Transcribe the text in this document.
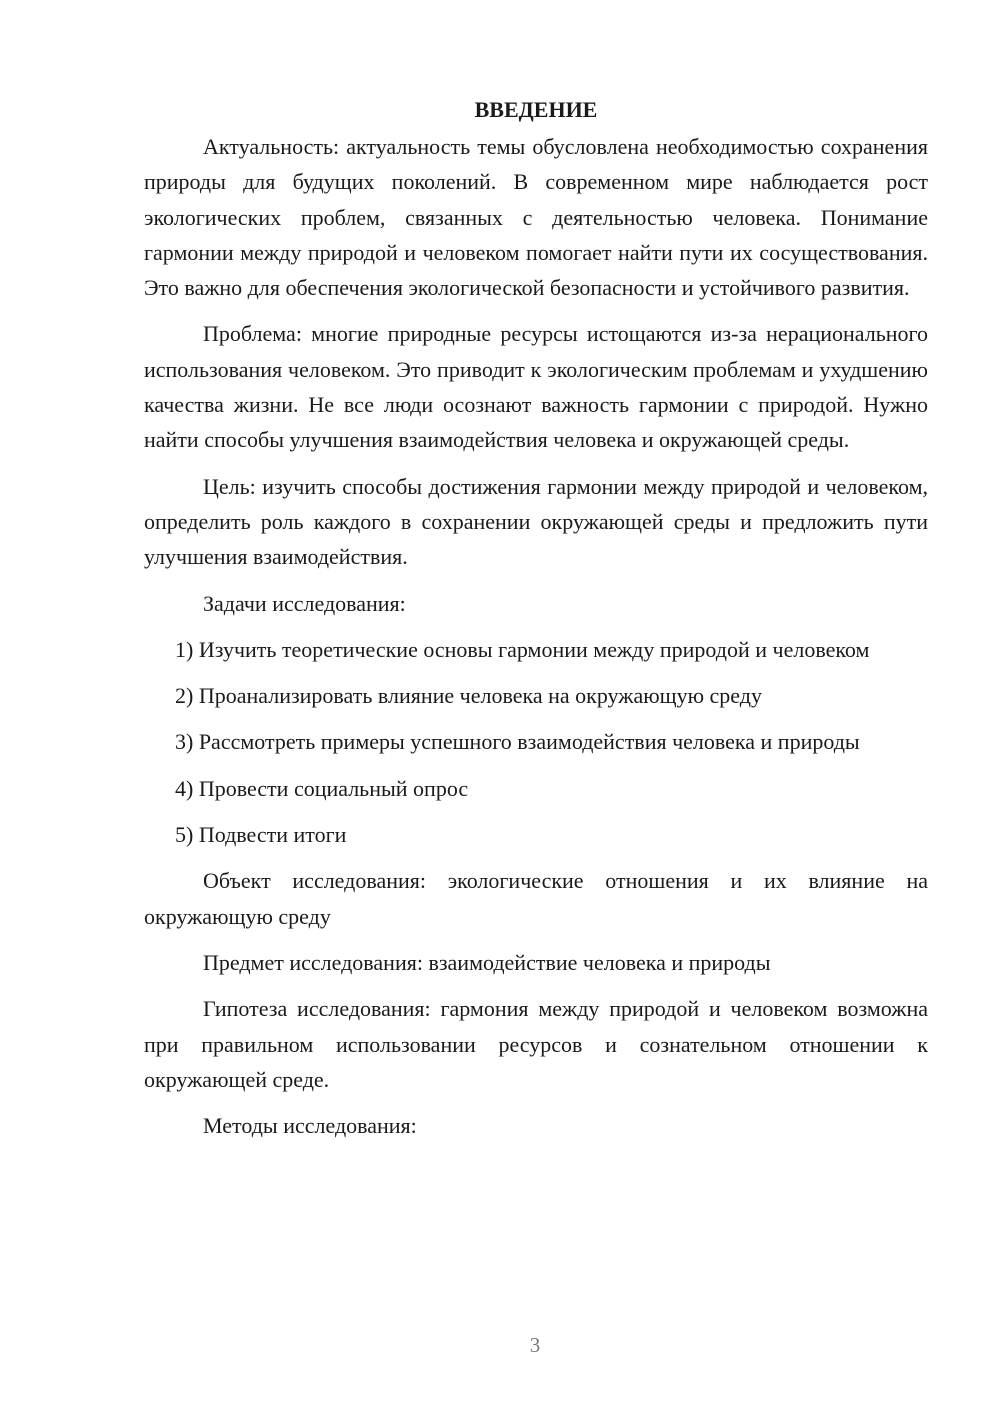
ВВЕДЕНИЕ

Актуальность: актуальность темы обусловлена необходимостью сохранения природы для будущих поколений. В современном мире наблюдается рост экологических проблем, связанных с деятельностью человека. Понимание гармонии между природой и человеком помогает найти пути их сосуществования. Это важно для обеспечения экологической безопасности и устойчивого развития.

Проблема: многие природные ресурсы истощаются из-за нерационального использования человеком. Это приводит к экологическим проблемам и ухудшению качества жизни. Не все люди осознают важность гармонии с природой. Нужно найти способы улучшения взаимодействия человека и окружающей среды.

Цель: изучить способы достижения гармонии между природой и человеком, определить роль каждого в сохранении окружающей среды и предложить пути улучшения взаимодействия.

Задачи исследования:

1) Изучить теоретические основы гармонии между природой и человеком

2) Проанализировать влияние человека на окружающую среду

3) Рассмотреть примеры успешного взаимодействия человека и природы

4) Провести социальный опрос

5) Подвести итоги

Объект исследования: экологические отношения и их влияние на окружающую среду

Предмет исследования: взаимодействие человека и природы

Гипотеза исследования: гармония между природой и человеком возможна при правильном использовании ресурсов и сознательном отношении к окружающей среде.

Методы исследования:

3
